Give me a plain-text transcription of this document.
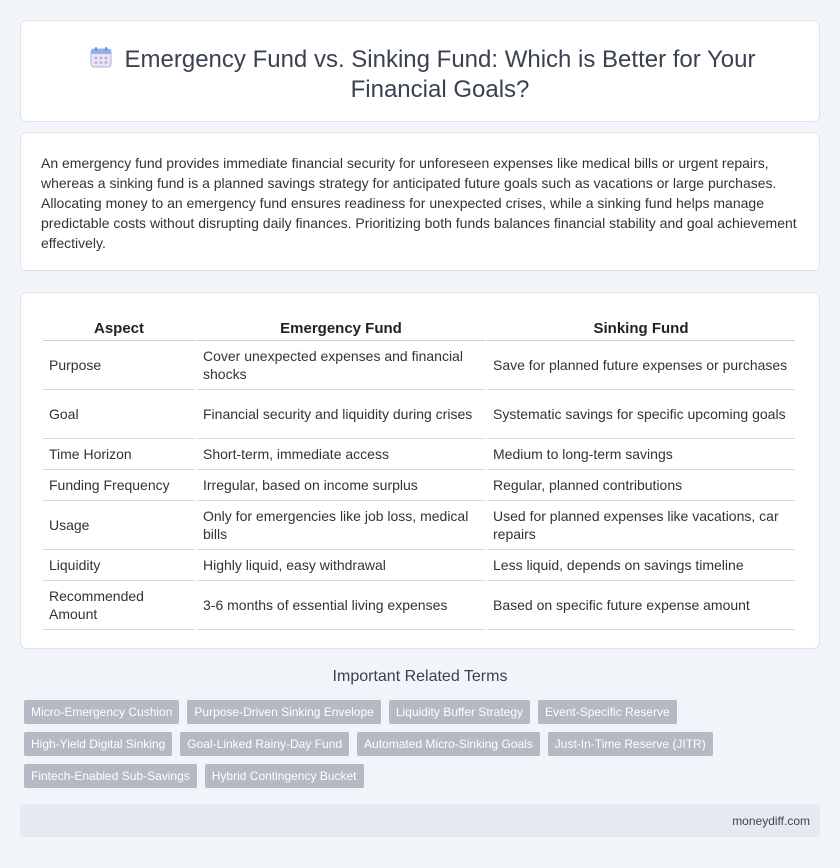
Emergency Fund vs. Sinking Fund: Which is Better for Your Financial Goals?

An emergency fund provides immediate financial security for unforeseen expenses like medical bills or urgent repairs, whereas a sinking fund is a planned savings strategy for anticipated future goals such as vacations or large purchases. Allocating money to an emergency fund ensures readiness for unexpected crises, while a sinking fund helps manage predictable costs without disrupting daily finances. Prioritizing both funds balances financial stability and goal achievement effectively.

Aspect	Emergency Fund	Sinking Fund
Purpose	Cover unexpected expenses and financial shocks	Save for planned future expenses or purchases
Goal	Financial security and liquidity during crises	Systematic savings for specific upcoming goals
Time Horizon	Short-term, immediate access	Medium to long-term savings
Funding Frequency	Irregular, based on income surplus	Regular, planned contributions
Usage	Only for emergencies like job loss, medical bills	Used for planned expenses like vacations, car repairs
Liquidity	Highly liquid, easy withdrawal	Less liquid, depends on savings timeline
Recommended Amount	3-6 months of essential living expenses	Based on specific future expense amount
Important Related Terms
Micro-Emergency Cushion	Purpose-Driven Sinking Envelope	Liquidity Buffer Strategy	Event-Specific Reserve
High-Yield Digital Sinking	Goal-Linked Rainy-Day Fund	Automated Micro-Sinking Goals	Just-In-Time Reserve (JITR)
Fintech-Enabled Sub-Savings	Hybrid Contingency Bucket
moneydiff.com
